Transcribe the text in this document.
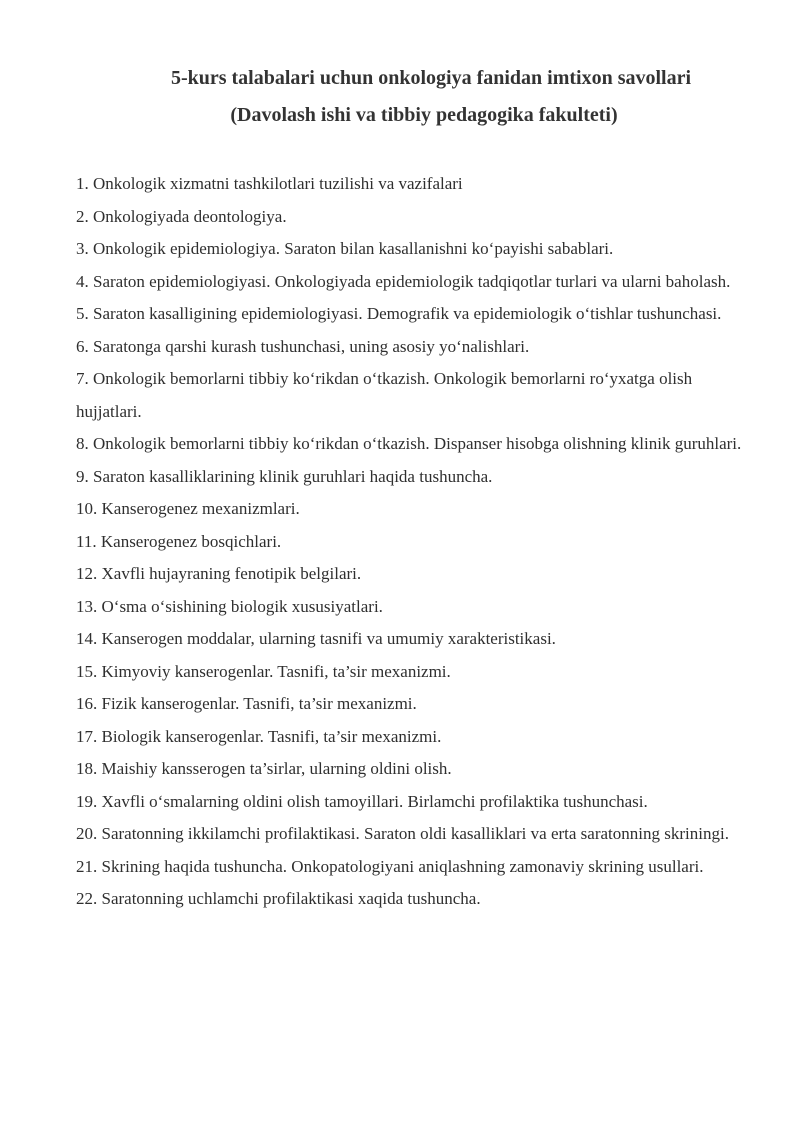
5-kurs talabalari uchun onkologiya fanidan imtixon savollari
(Davolash ishi va tibbiy pedagogika fakulteti)
1. Onkologik xizmatni tashkilotlari tuzilishi va vazifalari
2. Onkologiyada deontologiya.
3. Onkologik epidemiologiya. Saraton bilan kasallanishni ko‘payishi sabablari.
4. Saraton epidemiologiyasi. Onkologiyada epidemiologik tadqiqotlar turlari va ularni baholash.
5. Saraton kasalligining epidemiologiyasi. Demografik va epidemiologik o‘tishlar tushunchasi.
6. Saratonga qarshi kurash tushunchasi, uning asosiy yo‘nalishlari.
7. Onkologik bemorlarni tibbiy ko‘rikdan o‘tkazish. Onkologik bemorlarni ro‘yxatga olish hujjatlari.
8. Onkologik bemorlarni tibbiy ko‘rikdan o‘tkazish. Dispanser hisobga olishning klinik guruhlari.
9. Saraton kasalliklarining klinik guruhlari haqida tushuncha.
10. Kanserogenez mexanizmlari.
11. Kanserogenez bosqichlari.
12. Xavfli hujayraning fenotipik belgilari.
13. O‘sma o‘sishining biologik xususiyatlari.
14. Kanserogen moddalar, ularning tasnifi va umumiy xarakteristikasi.
15. Kimyoviy kanserogenlar. Tasnifi, ta’sir mexanizmi.
16. Fizik kanserogenlar. Tasnifi, ta’sir mexanizmi.
17. Biologik kanserogenlar. Tasnifi, ta’sir mexanizmi.
18. Maishiy kansserogen ta’sirlar, ularning oldini olish.
19. Xavfli o‘smalarning oldini olish tamoyillari. Birlamchi profilaktika tushunchasi.
20. Saratonning ikkilamchi profilaktikasi. Saraton oldi kasalliklari va erta saratonning skriningi.
21. Skrining haqida tushuncha. Onkopatologiyani aniqlashning zamonaviy skrining usullari.
22. Saratonning uchlamchi profilaktikasi xaqida tushuncha.
